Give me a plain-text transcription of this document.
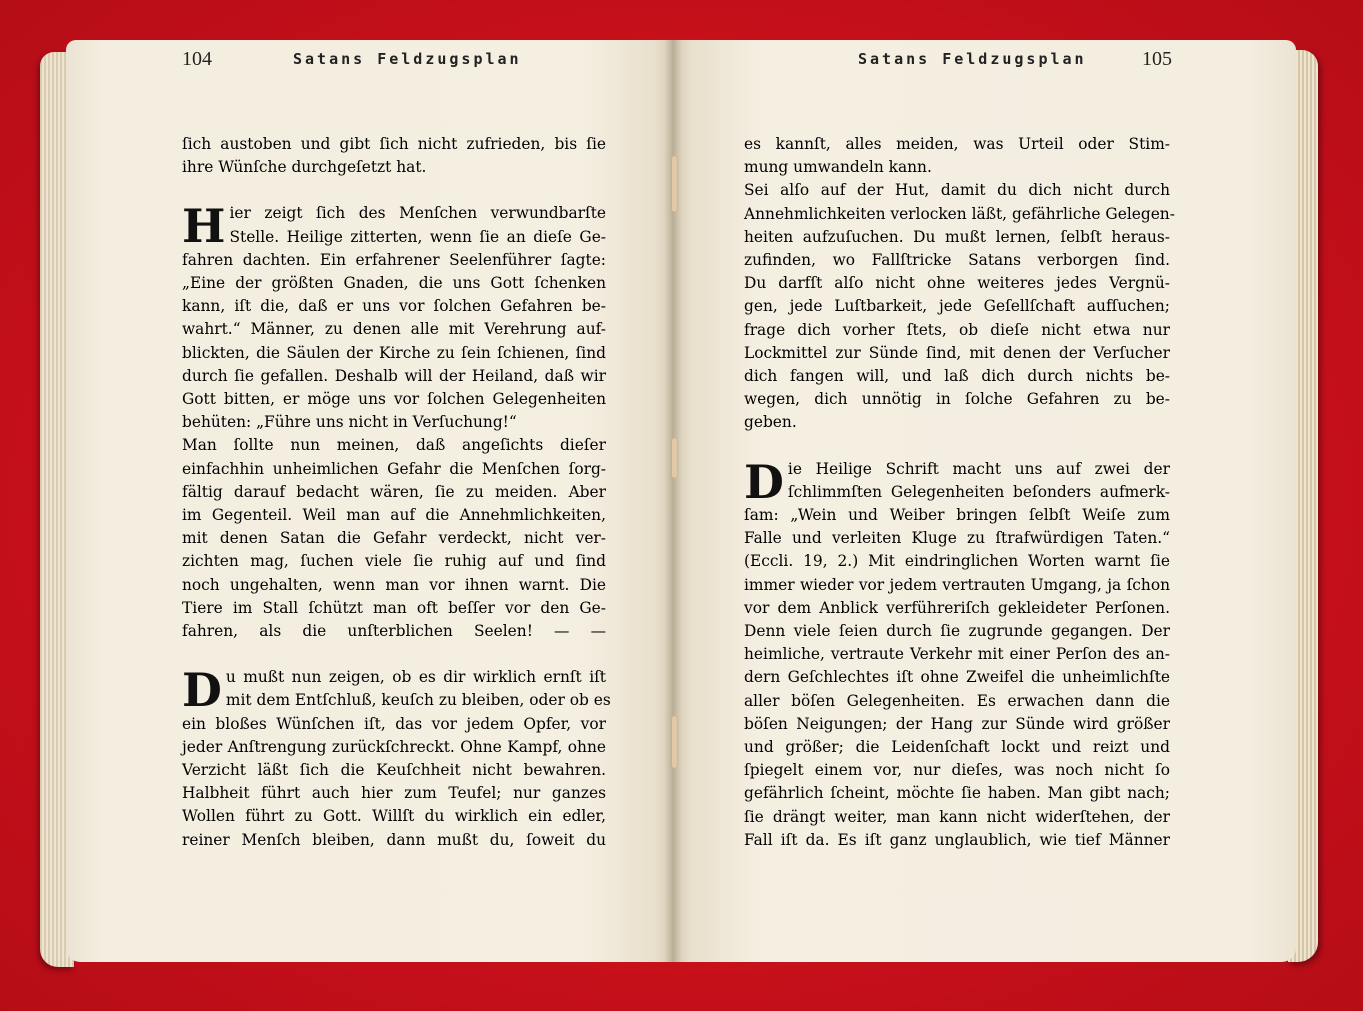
104	Satans Feldzugsplan
ſich austoben und gibt ſich nicht zufrieden, bis ſie
ihre Wünſche durchgeſetzt hat.
H ier zeigt ſich des Menſchen verwundbarſte
Stelle. Heilige zitterten, wenn ſie an dieſe Ge-
fahren dachten. Ein erfahrener Seelenführer ſagte:
„Eine der größten Gnaden, die uns Gott ſchenken
kann, iſt die, daß er uns vor ſolchen Gefahren be-
wahrt.“ Männer, zu denen alle mit Verehrung auf-
blickten, die Säulen der Kirche zu ſein ſchienen, ſind
durch ſie gefallen. Deshalb will der Heiland, daß wir
Gott bitten, er möge uns vor ſolchen Gelegenheiten
behüten: „Führe uns nicht in Verſuchung!“
Man ſollte nun meinen, daß angeſichts dieſer
einfachhin unheimlichen Gefahr die Menſchen ſorg-
fältig darauf bedacht wären, ſie zu meiden. Aber
im Gegenteil. Weil man auf die Annehmlichkeiten,
mit denen Satan die Gefahr verdeckt, nicht ver-
zichten mag, ſuchen viele ſie ruhig auf und ſind
noch ungehalten, wenn man vor ihnen warnt. Die
Tiere im Stall ſchützt man oft beſſer vor den Ge-
fahren, als die unſterblichen Seelen! — —
D u mußt nun zeigen, ob es dir wirklich ernſt iſt
mit dem Entſchluß, keuſch zu bleiben, oder ob es
ein bloßes Wünſchen iſt, das vor jedem Opfer, vor
jeder Anſtrengung zurückſchreckt. Ohne Kampf, ohne
Verzicht läßt ſich die Keuſchheit nicht bewahren.
Halbheit führt auch hier zum Teufel; nur ganzes
Wollen führt zu Gott. Willſt du wirklich ein edler,
reiner Menſch bleiben, dann mußt du, ſoweit du
Satans Feldzugsplan	105
es kannſt, alles meiden, was Urteil oder Stim-
mung umwandeln kann.
Sei alſo auf der Hut, damit du dich nicht durch
Annehmlichkeiten verlocken läßt, gefährliche Gelegen-
heiten aufzuſuchen. Du mußt lernen, ſelbſt heraus-
zufinden, wo Fallſtricke Satans verborgen ſind.
Du darfſt alſo nicht ohne weiteres jedes Vergnü-
gen, jede Luſtbarkeit, jede Geſellſchaft aufſuchen;
frage dich vorher ſtets, ob dieſe nicht etwa nur
Lockmittel zur Sünde ſind, mit denen der Verſucher
dich fangen will, und laß dich durch nichts be-
wegen, dich unnötig in ſolche Gefahren zu be-
geben.
D ie Heilige Schrift macht uns auf zwei der
ſchlimmſten Gelegenheiten beſonders aufmerk-
ſam: „Wein und Weiber bringen ſelbſt Weiſe zum
Falle und verleiten Kluge zu ſtrafwürdigen Taten.“
(Eccli. 19, 2.) Mit eindringlichen Worten warnt ſie
immer wieder vor jedem vertrauten Umgang, ja ſchon
vor dem Anblick verführeriſch gekleideter Perſonen.
Denn viele ſeien durch ſie zugrunde gegangen. Der
heimliche, vertraute Verkehr mit einer Perſon des an-
dern Geſchlechtes iſt ohne Zweifel die unheimlichſte
aller böſen Gelegenheiten. Es erwachen dann die
böſen Neigungen; der Hang zur Sünde wird größer
und größer; die Leidenſchaft lockt und reizt und
ſpiegelt einem vor, nur dieſes, was noch nicht ſo
gefährlich ſcheint, möchte ſie haben. Man gibt nach;
ſie drängt weiter, man kann nicht widerſtehen, der
Fall iſt da. Es iſt ganz unglaublich, wie tief Männer
